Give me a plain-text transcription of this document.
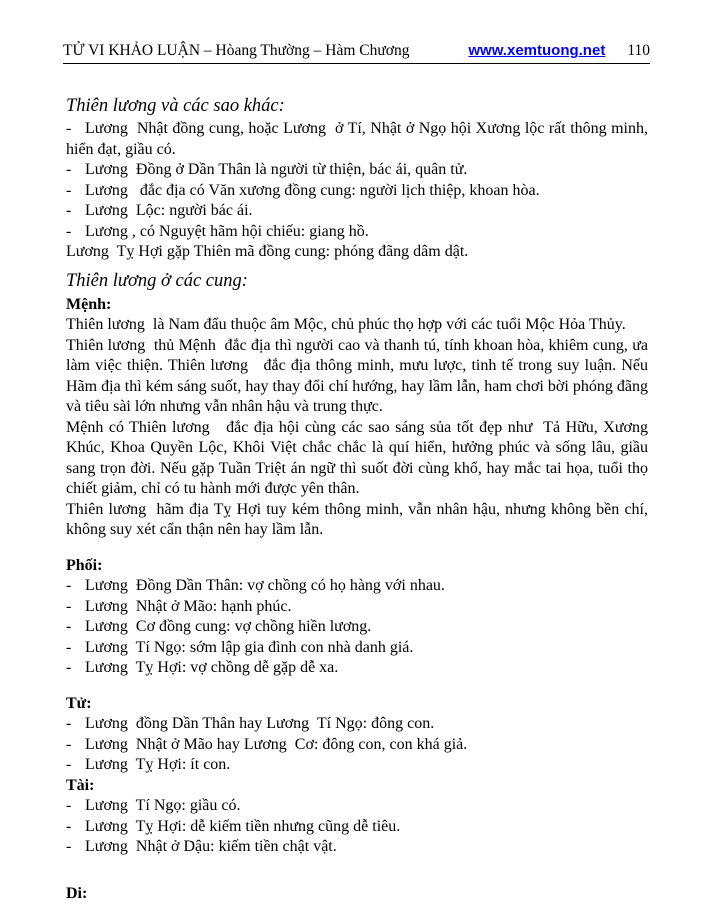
TỬ VI KHẢO LUẬN – Hòang Thường – Hàm Chương	www.xemtuong.net 110
Thiên lương và các sao khác:
- Lương  Nhật đồng cung, hoặc Lương  ở Tí, Nhật ở Ngọ hội Xương lộc rất thông minh, hiển đạt, giầu có.
- Lương  Đồng ở Dần Thân là người từ thiện, bác ái, quân tử.
- Lương   đắc địa có Văn xương đồng cung: người lịch thiệp, khoan hòa.
- Lương  Lộc: người bác ái.
- Lương , có Nguyệt hãm hội chiếu: giang hồ.
Lương  Tỵ Hợi gặp Thiên mã đồng cung: phóng đãng dâm dật.
Thiên lương ở các cung:
Mệnh:
Thiên lương  là Nam đẩu thuộc âm Mộc, chủ phúc thọ hợp với các tuổi Mộc Hỏa Thủy.
Thiên lương  thủ Mệnh  đắc địa thì người cao và thanh tú, tính khoan hòa, khiêm cung, ưa làm việc thiện. Thiên lương   đắc địa thông minh, mưu lược, tinh tế trong suy luận. Nếu Hãm địa thì kém sáng suốt, hay thay đổi chí hướng, hay lầm lẫn, ham chơi bời phóng đãng và tiêu sài lớn nhưng vẫn nhân hậu và trung thực.
Mệnh có Thiên lương   đắc địa hội cùng các sao sáng sủa tốt đẹp như  Tả Hữu, Xương Khúc, Khoa Quyền Lộc, Khôi Việt chắc chắc là quí hiển, hưởng phúc và sống lâu, giầu sang trọn đời. Nếu gặp Tuần Triệt án ngữ thì suốt đời cùng khổ, hay mắc tai họa, tuổi thọ chiết giảm, chỉ có tu hành mới được yên thân.
Thiên lương  hãm địa Tỵ Hợi tuy kém thông minh, vẫn nhân hậu, nhưng không bền chí, không suy xét cẩn thận nên hay lầm lẫn.
Phối:
- Lương  Đồng Dần Thân: vợ chồng có họ hàng với nhau.
- Lương  Nhật ở Mão: hạnh phúc.
- Lương  Cơ đồng cung: vợ chồng hiền lương.
- Lương  Tí Ngọ: sớm lập gia đình con nhà danh giá.
- Lương  Tỵ Hợi: vợ chồng dễ gặp dễ xa.
Tử:
- Lương  đồng Dần Thân hay Lương  Tí Ngọ: đông con.
- Lương  Nhật ở Mão hay Lương  Cơ: đông con, con khá giả.
- Lương  Tỵ Hợi: ít con.
Tài:
- Lương  Tí Ngọ: giầu có.
- Lương  Tỵ Hợi: dễ kiếm tiền nhưng cũng dễ tiêu.
- Lương  Nhật ở Dậu: kiếm tiền chật vật.
Di:
